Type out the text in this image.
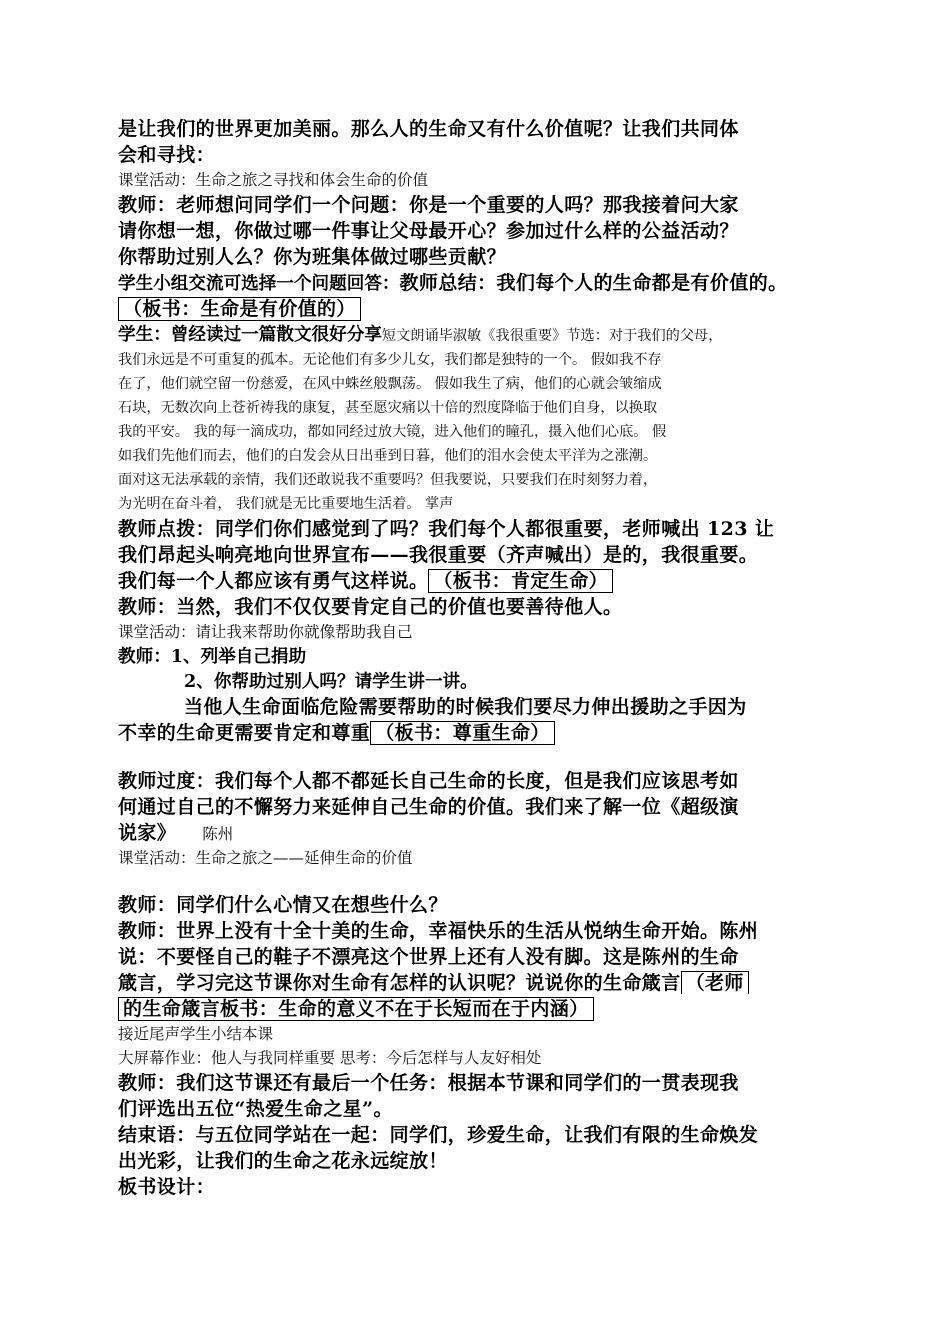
是让我们的世界更加美丽。那么人的生命又有什么价值呢？让我们共同体

会和寻找：

课堂活动：生命之旅之寻找和体会生命的价值

教师：老师想问同学们一个问题：你是一个重要的人吗？那我接着问大家

请你想一想，你做过哪一件事让父母最开心？参加过什么样的公益活动？

你帮助过别人么？你为班集体做过哪些贡献？

学生小组交流可选择一个问题回答：教师总结：我们每个人的生命都是有价值的。

（板书：生命是有价值的）

学生：曾经读过一篇散文很好分享短文朗诵毕淑敏《我很重要》节选：对于我们的父母，

我们永远是不可重复的孤本。无论他们有多少儿女，我们都是独特的一个。 假如我不存

在了，他们就空留一份慈爱，在风中蛛丝般飘荡。 假如我生了病，他们的心就会皱缩成

石块，无数次向上苍祈祷我的康复，甚至愿灾痛以十倍的烈度降临于他们自身，以换取

我的平安。 我的每一滴成功，都如同经过放大镜，进入他们的瞳孔，摄入他们心底。 假

如我们先他们而去，他们的白发会从日出垂到日暮，他们的泪水会使太平洋为之涨潮。

面对这无法承载的亲情，我们还敢说我不重要吗？但我要说，只要我们在时刻努力着，

为光明在奋斗着， 我们就是无比重要地生活着。 掌声

教师点拨：同学们你们感觉到了吗？我们每个人都很重要，老师喊出 123 让

我们昂起头响亮地向世界宣布——我很重要（齐声喊出）是的，我很重要。

我们每一个人都应该有勇气这样说。 （板书：肯定生命）

教师：当然，我们不仅仅要肯定自己的价值也要善待他人。

课堂活动：请让我来帮助你就像帮助我自己

教师：1、列举自己捐助

2、你帮助过别人吗？请学生讲一讲。

当他人生命面临危险需要帮助的时候我们要尽力伸出援助之手因为

不幸的生命更需要肯定和尊重 （板书：尊重生命）

教师过度：我们每个人都不都延长自己生命的长度，但是我们应该思考如

何通过自己的不懈努力来延伸自己生命的价值。我们来了解一位《超级演

说家》 陈州

课堂活动：生命之旅之——延伸生命的价值

教师：同学们什么心情又在想些什么？

教师：世界上没有十全十美的生命，幸福快乐的生活从悦纳生命开始。陈州

说：不要怪自己的鞋子不漂亮这个世界上还有人没有脚。这是陈州的生命

箴言，学习完这节课你对生命有怎样的认识呢？说说你的生命箴言 （老师

的生命箴言板书：生命的意义不在于长短而在于内涵）

接近尾声学生小结本课

大屏幕作业：他人与我同样重要 思考：今后怎样与人友好相处

教师：我们这节课还有最后一个任务：根据本节课和同学们的一贯表现我

们评选出五位“热爱生命之星”。

结束语：与五位同学站在一起：同学们，珍爱生命，让我们有限的生命焕发

出光彩，让我们的生命之花永远绽放！

板书设计：
